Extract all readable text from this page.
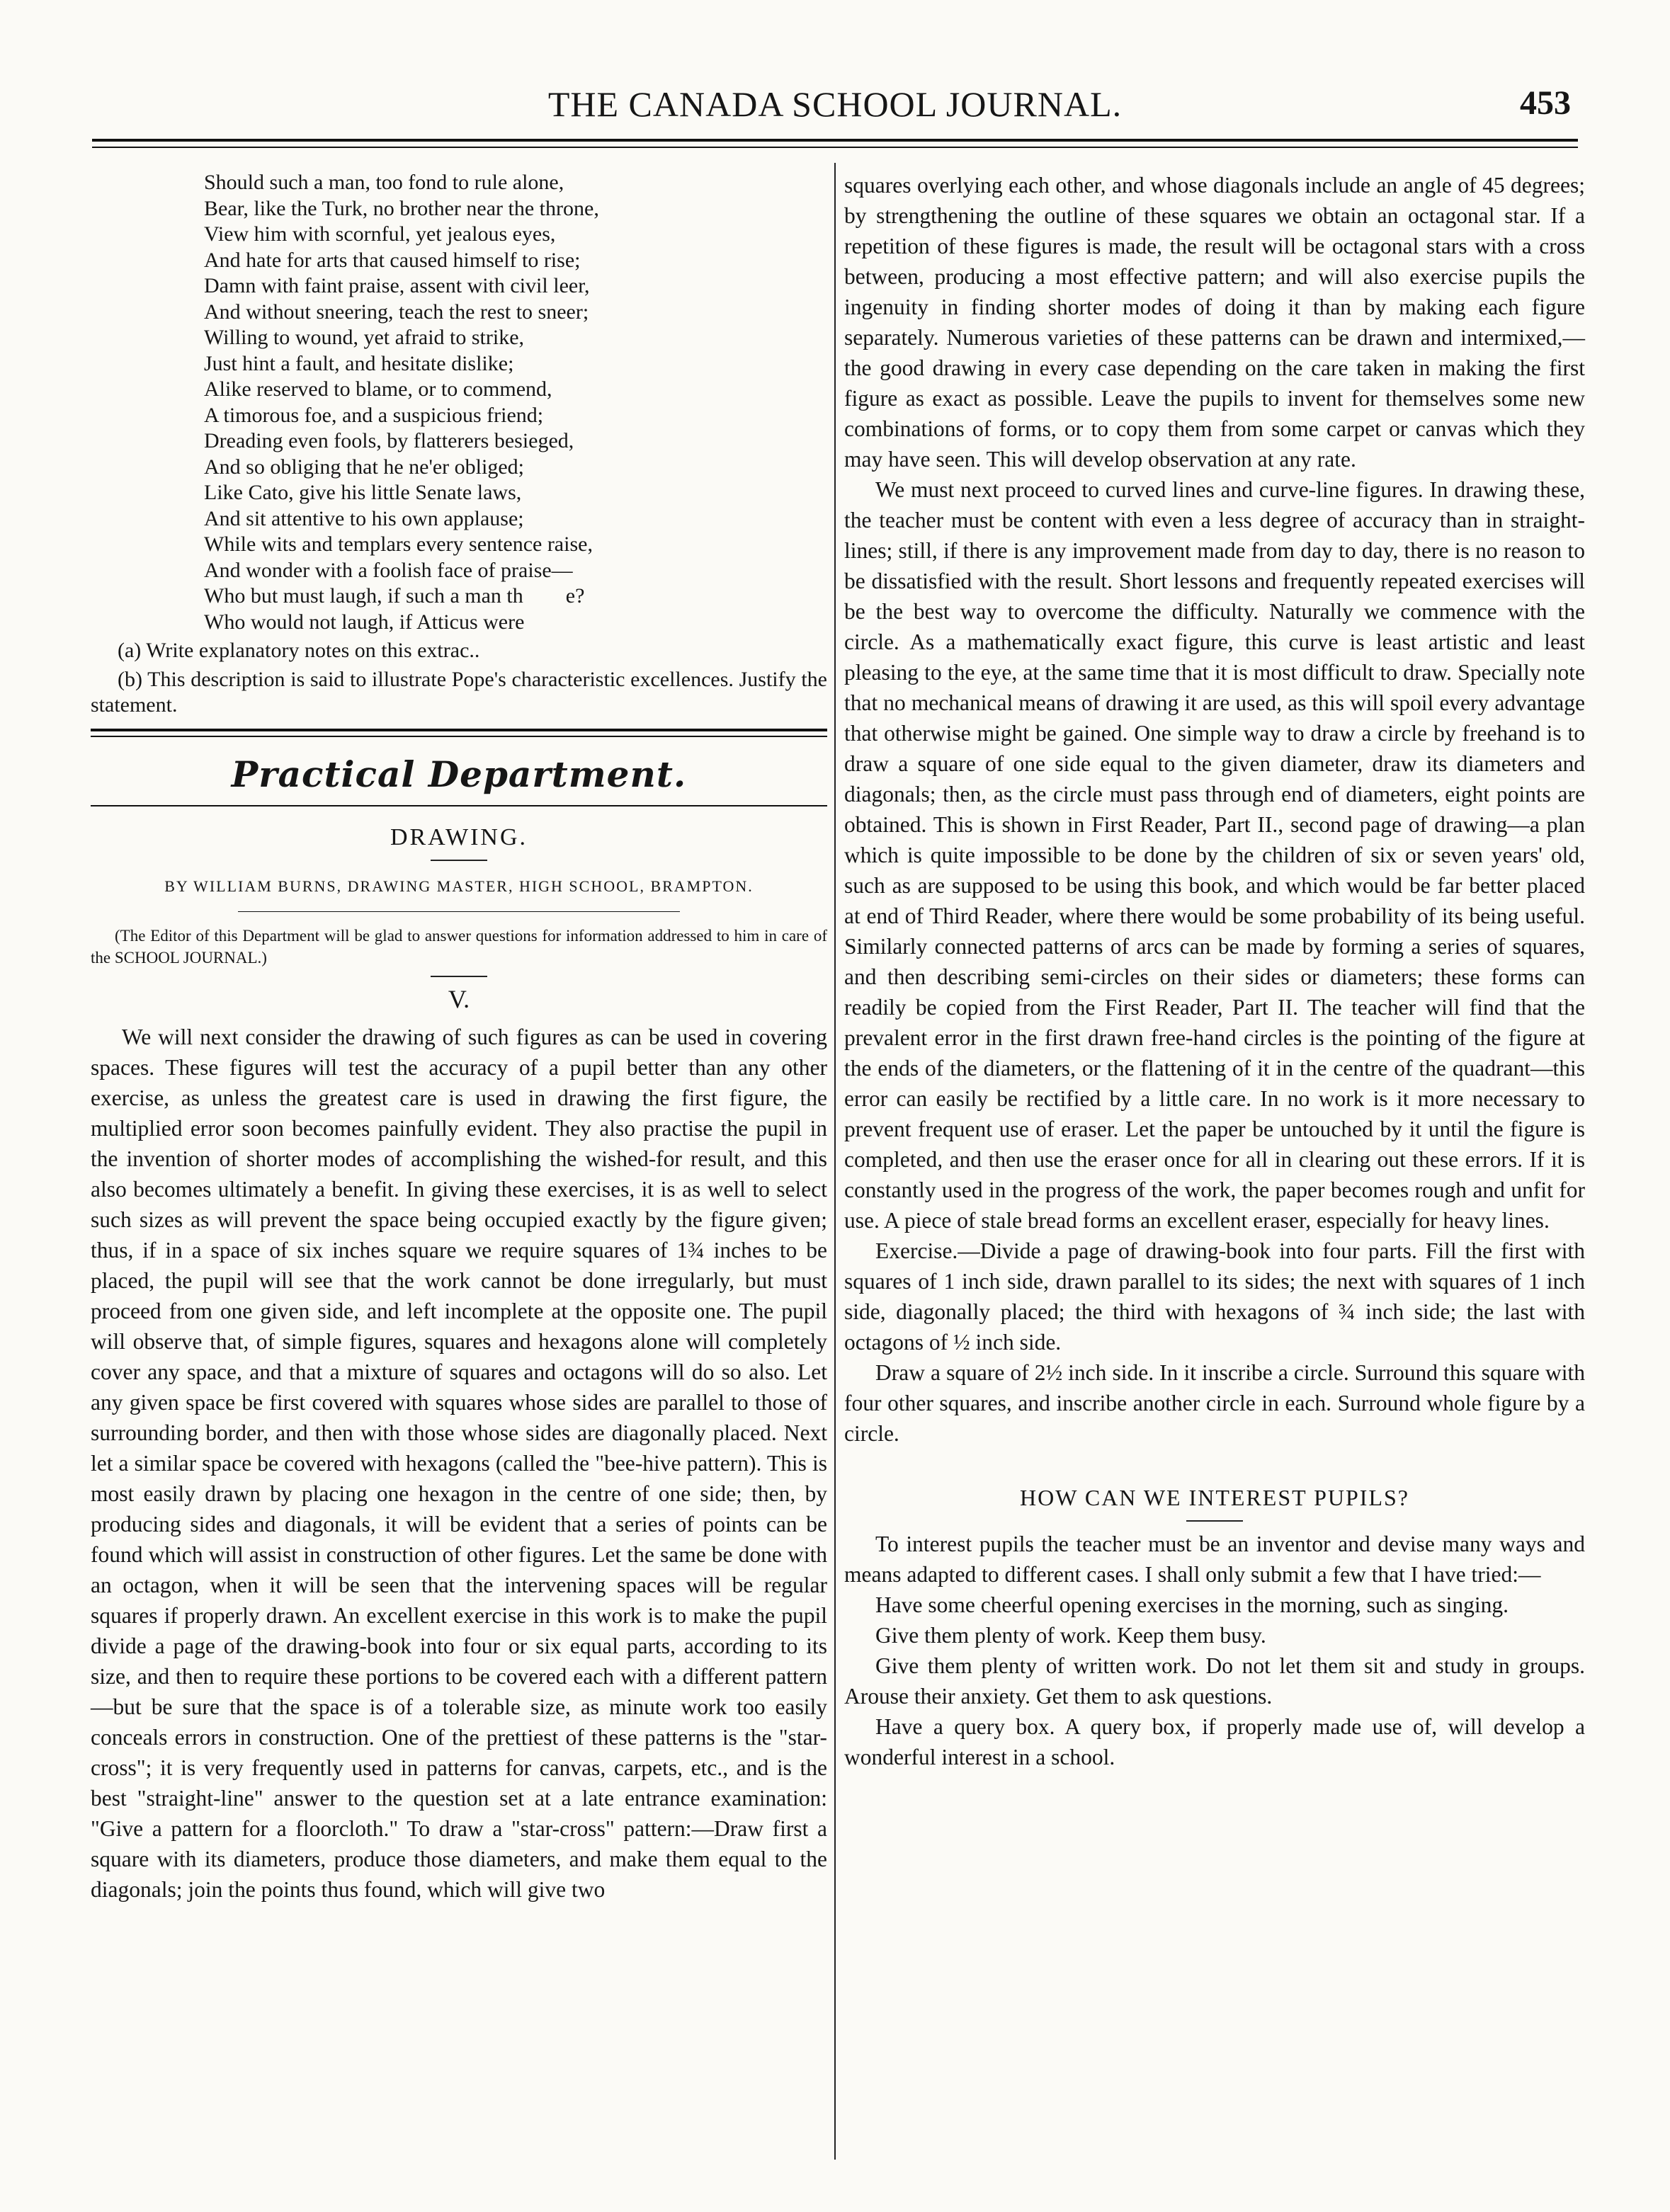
THE CANADA SCHOOL JOURNAL.	453
Should such a man, too fond to rule alone,
Bear, like the Turk, no brother near the throne,
View him with scornful, yet jealous eyes,
And hate for arts that caused himself to rise;
Damn with faint praise, assent with civil leer,
And without sneering, teach the rest to sneer;
Willing to wound, yet afraid to strike,
Just hint a fault, and hesitate dislike;
Alike reserved to blame, or to commend,
A timorous foe, and a suspicious friend;
Dreading even fools, by flatterers besieged,
And so obliging that he ne'er obliged;
Like Cato, give his little Senate laws,
And sit attentive to his own applause;
While wits and templars every sentence raise,
And wonder with a foolish face of praise—
Who but must laugh, if such a man th        e?
Who would not laugh, if Atticus were

(a) Write explanatory notes on this extrac..

(b) This description is said to illustrate Pope's characteristic excellences. Justify the statement.

Practical Department.
DRAWING.
BY WILLIAM BURNS, DRAWING MASTER, HIGH SCHOOL, BRAMPTON.

(The Editor of this Department will be glad to answer questions for information addressed to him in care of the SCHOOL JOURNAL.)

V.

We will next consider the drawing of such figures as can be used in covering spaces. These figures will test the accuracy of a pupil better than any other exercise, as unless the greatest care is used in drawing the first figure, the multiplied error soon becomes painfully evident. They also practise the pupil in the invention of shorter modes of accomplishing the wished-for result, and this also becomes ultimately a benefit. In giving these exercises, it is as well to select such sizes as will prevent the space being occupied exactly by the figure given; thus, if in a space of six inches square we require squares of 1¾ inches to be placed, the pupil will see that the work cannot be done irregularly, but must proceed from one given side, and left incomplete at the opposite one. The pupil will observe that, of simple figures, squares and hexagons alone will completely cover any space, and that a mixture of squares and octagons will do so also. Let any given space be first covered with squares whose sides are parallel to those of surrounding border, and then with those whose sides are diagonally placed. Next let a similar space be covered with hexagons (called the "bee-hive pattern). This is most easily drawn by placing one hexagon in the centre of one side; then, by producing sides and diagonals, it will be evident that a series of points can be found which will assist in construction of other figures. Let the same be done with an octagon, when it will be seen that the intervening spaces will be regular squares if properly drawn. An excellent exercise in this work is to make the pupil divide a page of the drawing-book into four or six equal parts, according to its size, and then to require these portions to be covered each with a different pattern—but be sure that the space is of a tolerable size, as minute work too easily conceals errors in construction. One of the prettiest of these patterns is the "star-cross"; it is very frequently used in patterns for canvas, carpets, etc., and is the best "straight-line" answer to the question set at a late entrance examination: "Give a pattern for a floorcloth." To draw a "star-cross" pattern:—Draw first a square with its diameters, produce those diameters, and make them equal to the diagonals; join the points thus found, which will give two

squares overlying each other, and whose diagonals include an angle of 45 degrees; by strengthening the outline of these squares we obtain an octagonal star. If a repetition of these figures is made, the result will be octagonal stars with a cross between, producing a most effective pattern; and will also exercise pupils the ingenuity in finding shorter modes of doing it than by making each figure separately. Numerous varieties of these patterns can be drawn and intermixed,—the good drawing in every case depending on the care taken in making the first figure as exact as possible. Leave the pupils to invent for themselves some new combinations of forms, or to copy them from some carpet or canvas which they may have seen. This will develop observation at any rate.

We must next proceed to curved lines and curve-line figures. In drawing these, the teacher must be content with even a less degree of accuracy than in straight-lines; still, if there is any improvement made from day to day, there is no reason to be dissatisfied with the result. Short lessons and frequently repeated exercises will be the best way to overcome the difficulty. Naturally we commence with the circle. As a mathematically exact figure, this curve is least artistic and least pleasing to the eye, at the same time that it is most difficult to draw. Specially note that no mechanical means of drawing it are used, as this will spoil every advantage that otherwise might be gained. One simple way to draw a circle by freehand is to draw a square of one side equal to the given diameter, draw its diameters and diagonals; then, as the circle must pass through end of diameters, eight points are obtained. This is shown in First Reader, Part II., second page of drawing—a plan which is quite impossible to be done by the children of six or seven years' old, such as are supposed to be using this book, and which would be far better placed at end of Third Reader, where there would be some probability of its being useful. Similarly connected patterns of arcs can be made by forming a series of squares, and then describing semi-circles on their sides or diameters; these forms can readily be copied from the First Reader, Part II. The teacher will find that the prevalent error in the first drawn free-hand circles is the pointing of the figure at the ends of the diameters, or the flattening of it in the centre of the quadrant—this error can easily be rectified by a little care. In no work is it more necessary to prevent frequent use of eraser. Let the paper be untouched by it until the figure is completed, and then use the eraser once for all in clearing out these errors. If it is constantly used in the progress of the work, the paper becomes rough and unfit for use. A piece of stale bread forms an excellent eraser, especially for heavy lines.

Exercise.—Divide a page of drawing-book into four parts. Fill the first with squares of 1 inch side, drawn parallel to its sides; the next with squares of 1 inch side, diagonally placed; the third with hexagons of ¾ inch side; the last with octagons of ½ inch side.

Draw a square of 2½ inch side. In it inscribe a circle. Surround this square with four other squares, and inscribe another circle in each. Surround whole figure by a circle.

HOW CAN WE INTEREST PUPILS?

To interest pupils the teacher must be an inventor and devise many ways and means adapted to different cases. I shall only submit a few that I have tried:—

Have some cheerful opening exercises in the morning, such as singing.

Give them plenty of work. Keep them busy.

Give them plenty of written work. Do not let them sit and study in groups. Arouse their anxiety. Get them to ask questions.

Have a query box. A query box, if properly made use of, will develop a wonderful interest in a school.
